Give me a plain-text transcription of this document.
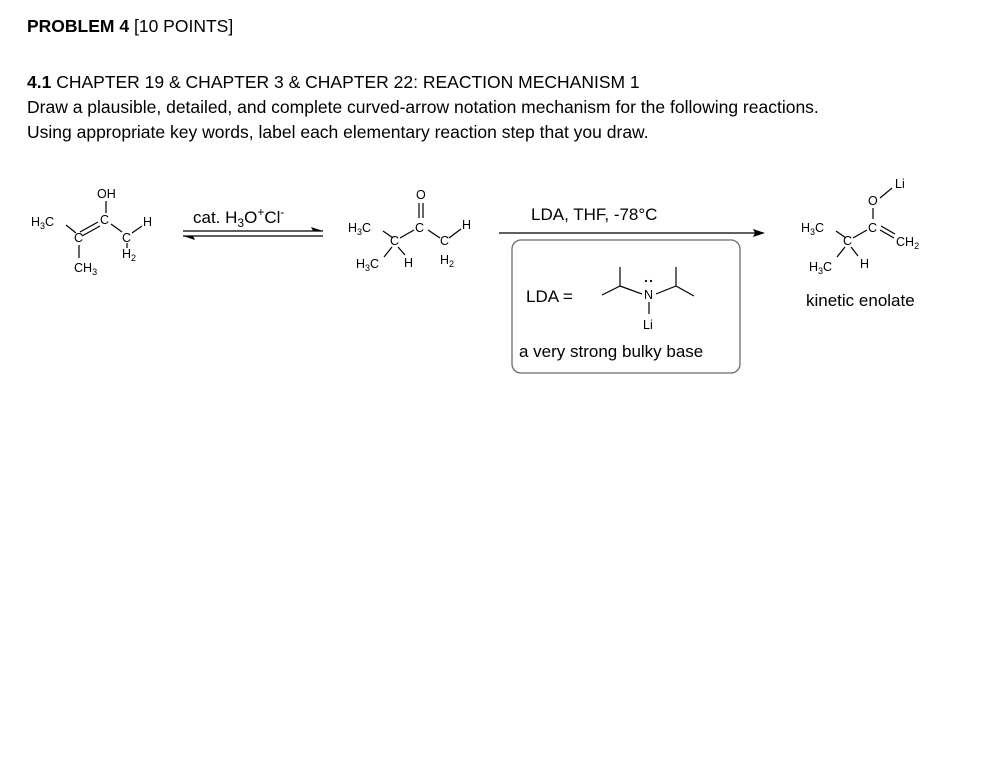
PROBLEM 4 [10 POINTS]
4.1 CHAPTER 19 & CHAPTER 3 & CHAPTER 22: REACTION MECHANISM 1
Draw a plausible, detailed, and complete curved-arrow notation mechanism for the following reactions.
Using appropriate key words, label each elementary reaction step that you draw.
OH
$H_3C$	C
C
$CH_3$
C
$H_2$
H cat. $H_3O^+Cl^-$
O
C
$H_3C$
C
$H_3C$ H
C
$H_2$
H
LDA, THF, -78°C
LDA =	N
Li
a very strong bulky base
Li
O
C
$H_3C$
C
$H_3C$ H
$CH_2$
kinetic enolate
